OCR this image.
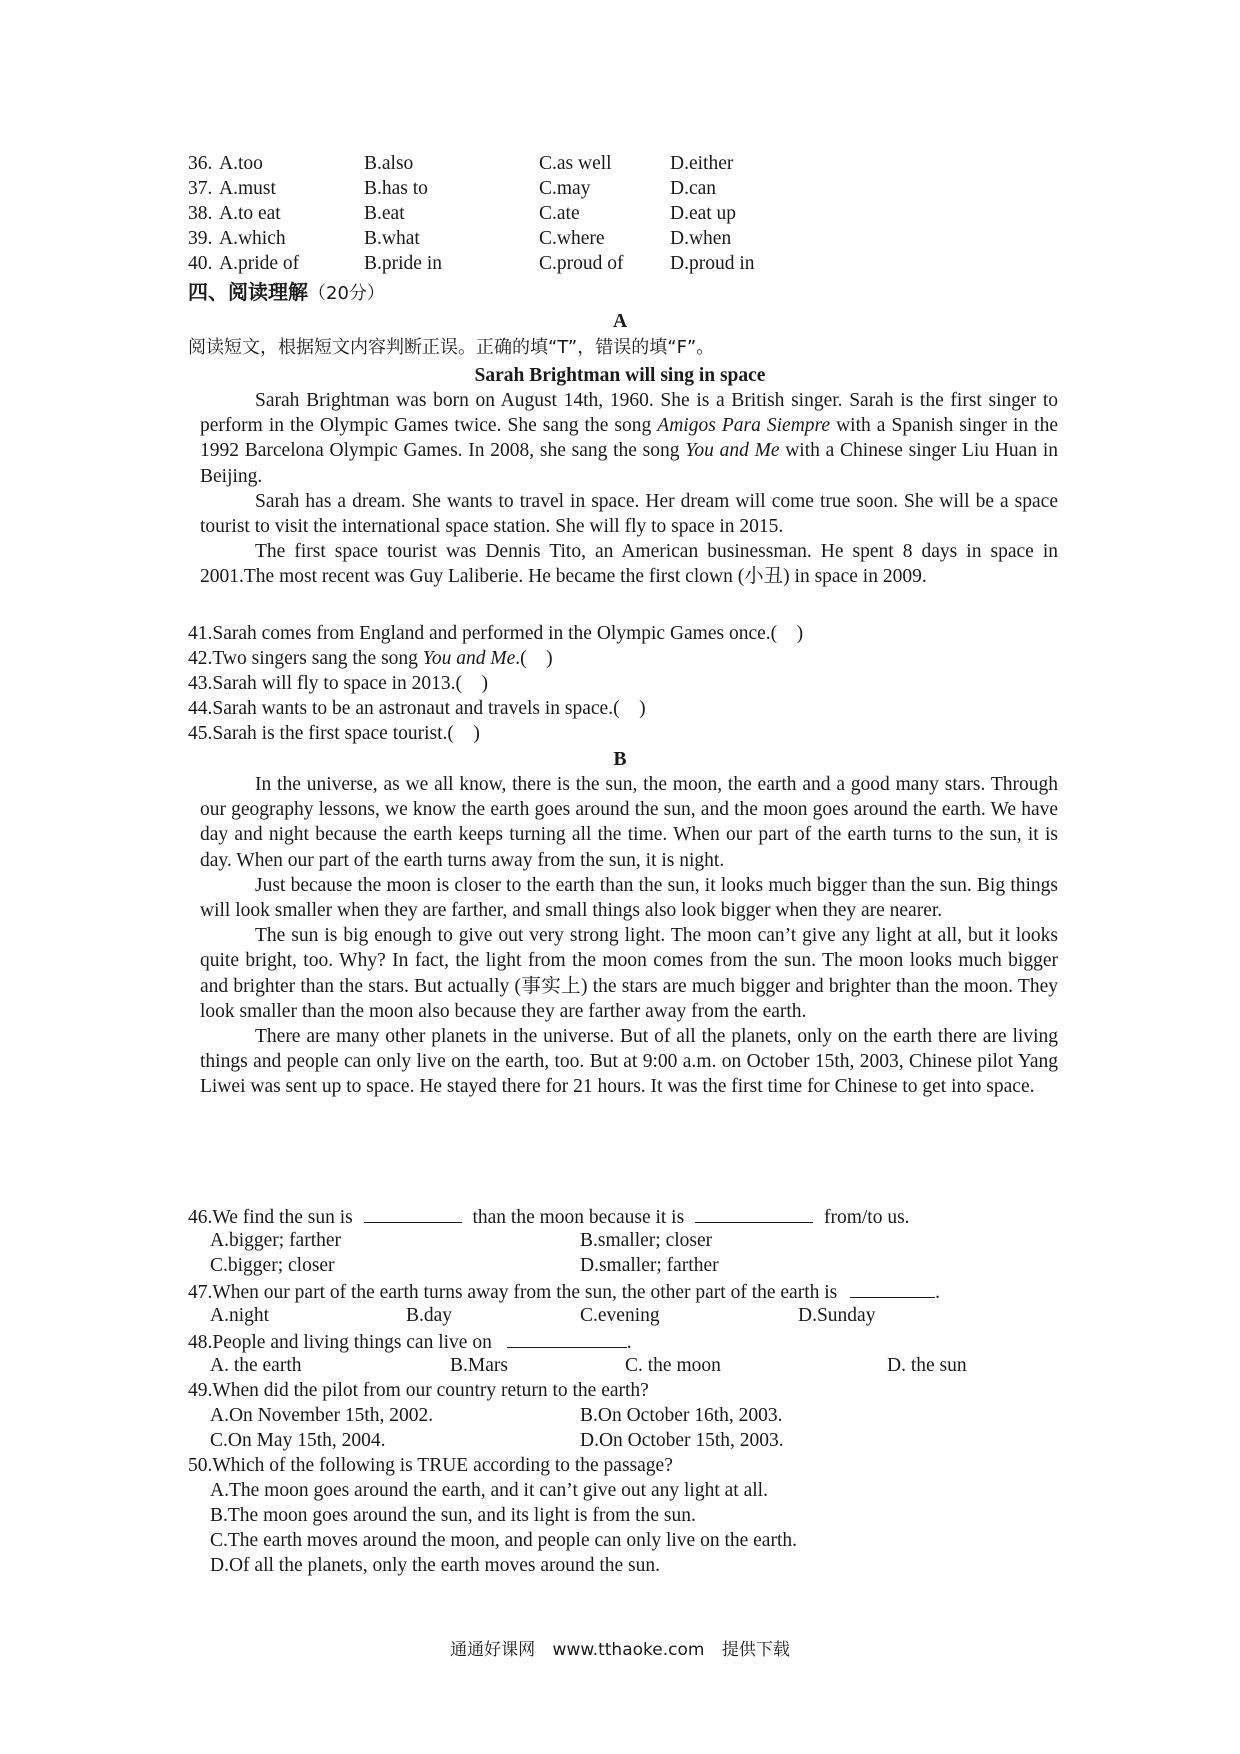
36. A.too	B.also	C.as well	D.either
37. A.must	B.has to	C.may	D.can
38. A.to eat	B.eat	C.ate	D.eat up
39. A.which	B.what	C.where	D.when
40. A.pride of	B.pride in	C.proud of D.proud in
四、阅读理解（20分）
A
阅读短文，根据短文内容判断正误。正确的填“T”，错误的填“F”。
Sarah Brightman will sing in space

Sarah Brightman was born on August 14th, 1960. She is a British singer. Sarah is the first singer to perform in the Olympic Games twice. She sang the song Amigos Para Siempre with a Spanish singer in the 1992 Barcelona Olympic Games. In 2008, she sang the song You and Me with a Chinese singer Liu Huan in Beijing.

Sarah has a dream. She wants to travel in space. Her dream will come true soon. She will be a space tourist to visit the international space station. She will fly to space in 2015.

The first space tourist was Dennis Tito, an American businessman. He spent 8 days in space in 2001.The most recent was Guy Laliberie. He became the first clown (小丑) in space in 2009.

41.Sarah comes from England and performed in the Olympic Games once.(　)
42.Two singers sang the song You and Me.(　)
43.Sarah will fly to space in 2013.(　)
44.Sarah wants to be an astronaut and travels in space.(　)
45.Sarah is the first space tourist.(　)
B

In the universe, as we all know, there is the sun, the moon, the earth and a good many stars. Through our geography lessons, we know the earth goes around the sun, and the moon goes around the earth. We have day and night because the earth keeps turning all the time. When our part of the earth turns to the sun, it is day. When our part of the earth turns away from the sun, it is night.

Just because the moon is closer to the earth than the sun, it looks much bigger than the sun. Big things will look smaller when they are farther, and small things also look bigger when they are nearer.

The sun is big enough to give out very strong light. The moon can’t give any light at all, but it looks quite bright, too. Why? In fact, the light from the moon comes from the sun. The moon looks much bigger and brighter than the stars. But actually (事实上) the stars are much bigger and brighter than the moon. They look smaller than the moon also because they are farther away from the earth.

There are many other planets in the universe. But of all the planets, only on the earth there are living things and people can only live on the earth, too. But at 9:00 a.m. on October 15th, 2003, Chinese pilot Yang Liwei was sent up to space. He stayed there for 21 hours. It was the first time for Chinese to get into space.

46.We find the sun is	than the moon because it is	from/to us.
A.bigger; farther	B.smaller; closer
C.bigger; closer	D.smaller; farther
47.When our part of the earth turns away from the sun, the other part of the earth is	.
A.night	B.day	C.evening	D.Sunday
48.People and living things can live on	.
A. the earth	B.Mars	C. the moon	D. the sun
49.When did the pilot from our country return to the earth?
A.On November 15th, 2002.	B.On October 16th, 2003.
C.On May 15th, 2004.	D.On October 15th, 2003.
50.Which of the following is TRUE according to the passage?
A.The moon goes around the earth, and it can’t give out any light at all.
B.The moon goes around the sun, and its light is from the sun.
C.The earth moves around the moon, and people can only live on the earth.
D.Of all the planets, only the earth moves around the sun.
通通好课网 www.tthaoke.com 提供下载
